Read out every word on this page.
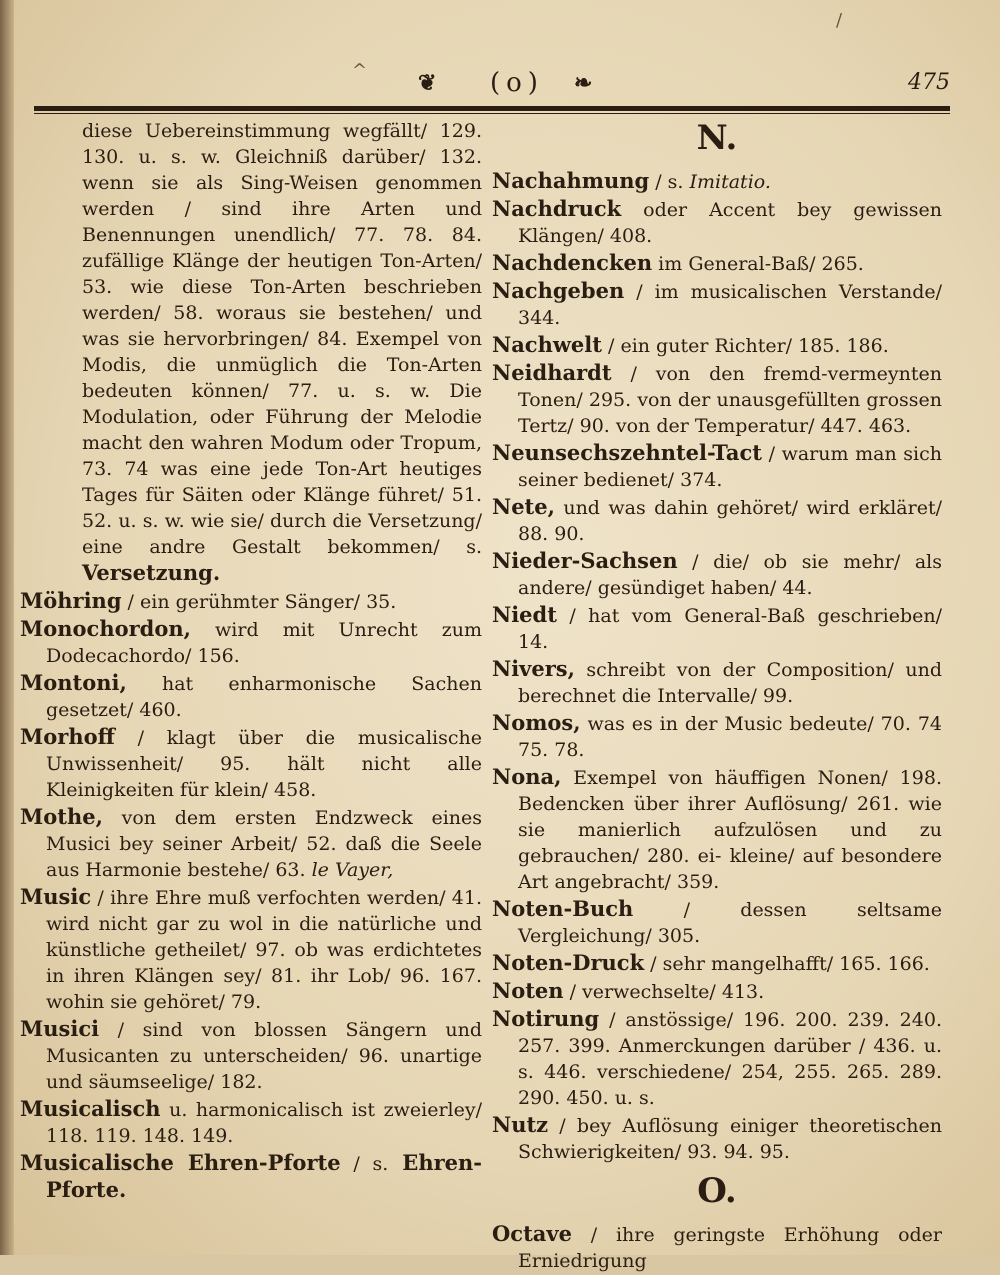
/
^ ❦ (o) ❧	475

diese Uebereinstimmung wegfällt/ 129. 130. u. s. w. Gleichniß darüber/ 132. wenn sie als Sing-Weisen genommen werden / sind ihre Arten und Benennungen unendlich/ 77. 78. 84. zufällige Klänge der heutigen Ton-Arten/ 53. wie diese Ton-Arten beschrieben werden/ 58. woraus sie bestehen/ und was sie hervorbringen/ 84. Exempel von Modis, die unmüglich die Ton-Arten bedeuten können/ 77. u. s. w. Die Modulation, oder Führung der Melodie macht den wahren Modum oder Tropum, 73. 74 was eine jede Ton-Art heutiges Tages für Säiten oder Klänge führet/ 51. 52. u. s. w. wie sie/ durch die Versetzung/ eine andre Gestalt bekommen/ s. Versetzung.

Möhring / ein gerühmter Sänger/ 35.

Monochordon, wird mit Unrecht zum Dodecachordo/ 156.

Montoni, hat enharmonische Sachen gesetzet/ 460.

Morhoff / klagt über die musicalische Unwissenheit/ 95. hält nicht alle Kleinigkeiten für klein/ 458.

Mothe, von dem ersten Endzweck eines Musici bey seiner Arbeit/ 52. daß die Seele aus Harmonie bestehe/ 63. le Vayer,

Music / ihre Ehre muß verfochten werden/ 41. wird nicht gar zu wol in die natürliche und künstliche getheilet/ 97. ob was erdichtetes in ihren Klängen sey/ 81. ihr Lob/ 96. 167. wohin sie gehöret/ 79.

Musici / sind von blossen Sängern und Musicanten zu unterscheiden/ 96. unartige und säumseelige/ 182.

Musicalisch u. harmonicalisch ist zweierley/ 118. 119. 148. 149.

Musicalische Ehren-Pforte / s. Ehren-Pforte.

N.

Nachahmung / s. Imitatio.

Nachdruck oder Accent bey gewissen Klängen/ 408.

Nachdencken im General-Baß/ 265.

Nachgeben / im musicalischen Verstande/ 344.

Nachwelt / ein guter Richter/ 185. 186.

Neidhardt / von den fremd-vermeynten Tonen/ 295. von der unausgefüllten grossen Tertz/ 90. von der Temperatur/ 447. 463.

Neunsechszehntel-Tact / warum man sich seiner bedienet/ 374.

Nete, und was dahin gehöret/ wird erkläret/ 88. 90.

Nieder-Sachsen / die/ ob sie mehr/ als andere/ gesündiget haben/ 44.

Niedt / hat vom General-Baß geschrieben/ 14.

Nivers, schreibt von der Composition/ und berechnet die Intervalle/ 99.

Nomos, was es in der Music bedeute/ 70. 74 75. 78.

Nona, Exempel von häuffigen Nonen/ 198. Bedencken über ihrer Auflösung/ 261. wie sie manierlich aufzulösen und zu gebrauchen/ 280. ei- kleine/ auf besondere Art angebracht/ 359.

Noten-Buch / dessen seltsame Vergleichung/ 305.

Noten-Druck / sehr mangelhafft/ 165. 166.

Noten / verwechselte/ 413.

Notirung / anstössige/ 196. 200. 239. 240. 257. 399. Anmerckungen darüber / 436. u. s. 446. verschiedene/ 254, 255. 265. 289. 290. 450. u. s.

Nutz / bey Auflösung einiger theoretischen Schwierigkeiten/ 93. 94. 95.

O.

Octave / ihre geringste Erhöhung oder Erniedrigung
